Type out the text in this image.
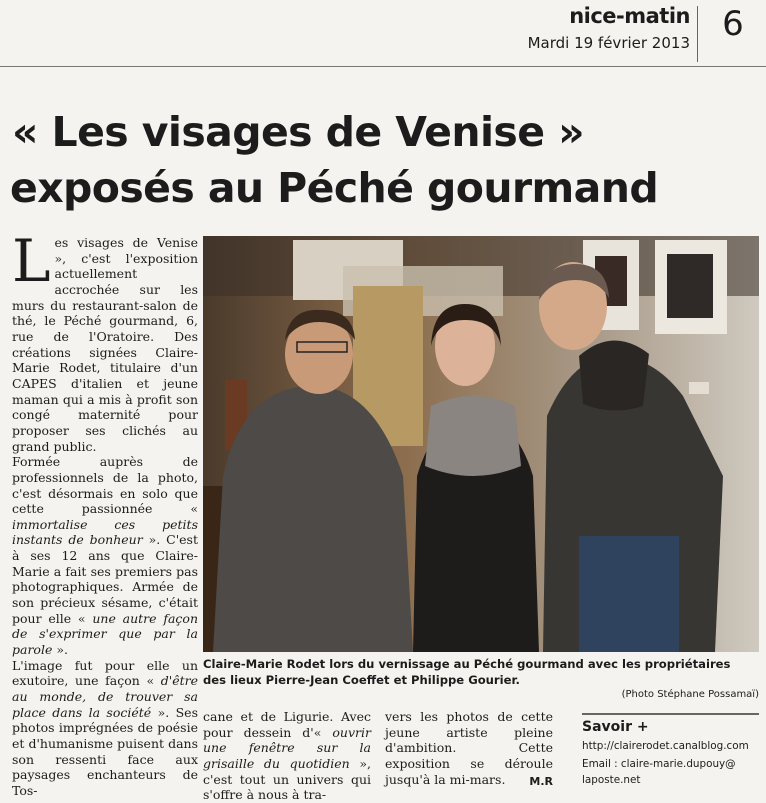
nice-matin
Mardi 19 février 2013 6
« Les visages de Venise »
exposés au Péché gourmand

Les visages de Venise », c'est l'exposition actuellement accrochée sur les murs du restaurant-salon de thé, le Péché gourmand, 6, rue de l'Oratoire. Des créations signées Claire-Marie Rodet, titulaire d'un CAPES d'italien et jeune maman qui a mis à profit son congé maternité pour proposer ses clichés au grand public.

Formée auprès de professionnels de la photo, c'est désormais en solo que cette passionnée « immortalise ces petits instants de bonheur ». C'est à ses 12 ans que Claire-Marie a fait ses premiers pas photographiques. Armée de son précieux sésame, c'était pour elle « une autre façon de s'exprimer que par la parole ».

L'image fut pour elle un exutoire, une façon « d'être au monde, de trouver sa place dans la société ». Ses photos imprégnées de poésie et d'humanisme puisent dans son ressenti face aux paysages enchanteurs de Tos-

Claire-Marie Rodet lors du vernissage au Péché gourmand avec les propriétaires
des lieux Pierre-Jean Coeffet et Philippe Gourier.
(Photo Stéphane Possamaï)

cane et de Ligurie. Avec pour dessein d'« ouvrir une fenêtre sur la grisaille du quotidien », c'est tout un univers qui s'offre à nous à tra-

vers les photos de cette jeune artiste pleine d'ambition. Cette exposition se déroule jusqu'à la mi-mars.	M.R
Savoir +
http://clairerodet.canalblog.com
Email : claire-marie.dupouy@
laposte.net
